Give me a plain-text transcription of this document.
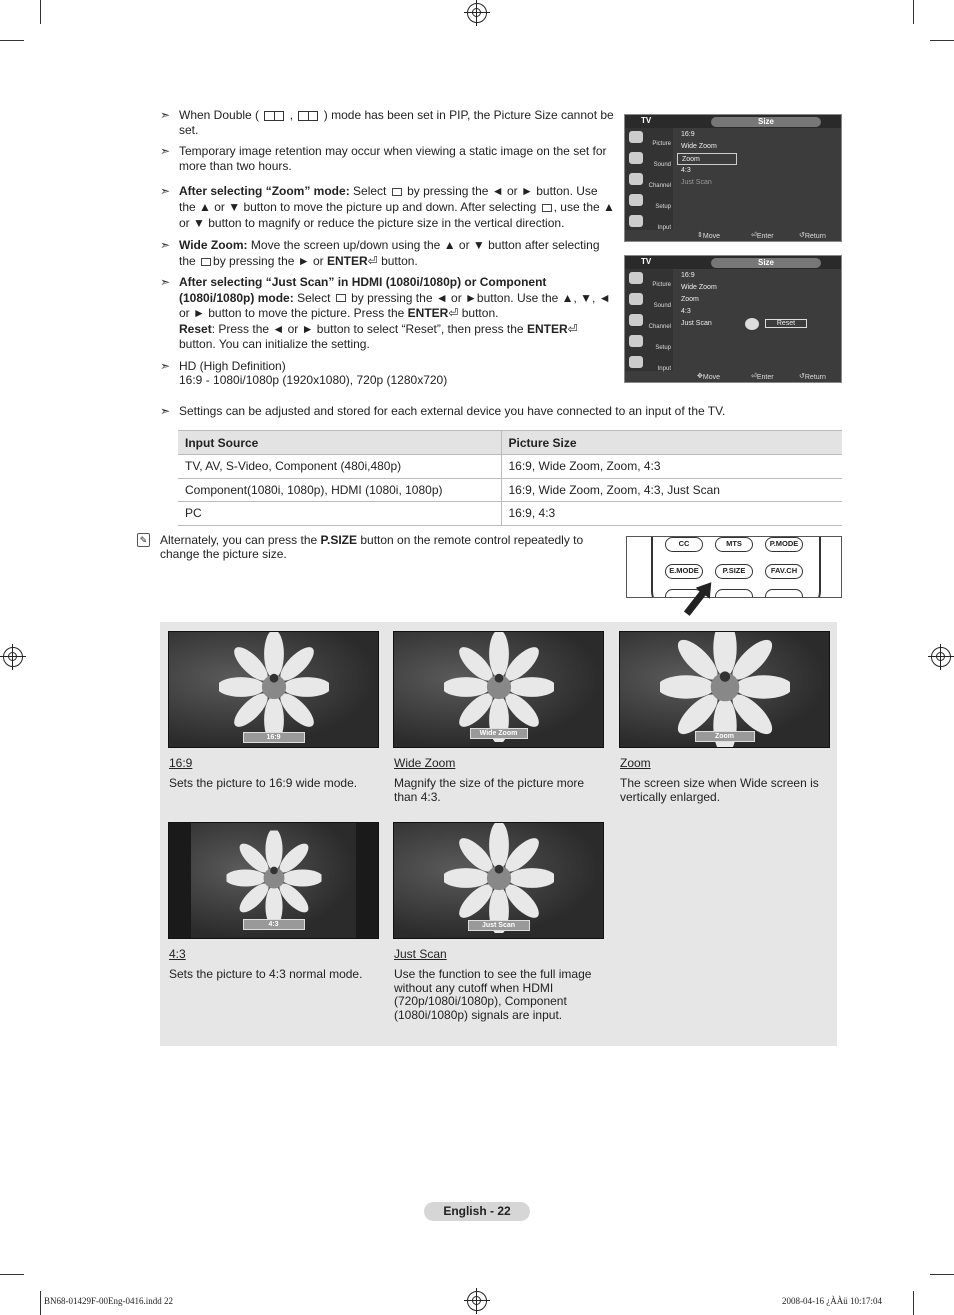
➣ When Double (	,	) mode has been set in PIP, the Picture Size cannot be set.
➣ Temporary image retention may occur when viewing a static image on the set for more than two hours.
➣ After selecting “Zoom” mode: Select by pressing the ◄ or ► button. Use the ▲ or ▼ button to move the picture up and down. After selecting , use the ▲ or ▼ button to magnify or reduce the picture size in the vertical direction.
➣ Wide Zoom: Move the screen up/down using the ▲ or ▼ button after selecting the by pressing the ► or ENTER⏎ button.
➣ After selecting “Just Scan” in HDMI (1080i/1080p) or Component (1080i/1080p) mode: Select by pressing the ◄ or ►button. Use the ▲, ▼, ◄ or ► button to move the picture. Press the ENTER⏎ button.
Reset: Press the ◄ or ► button to select “Reset”, then press the ENTER⏎ button. You can initialize the setting.
➣ HD (High Definition)
16:9 - 1080i/1080p (1920x1080), 720p (1280x720)
➣ Settings can be adjusted and stored for each external device you have connected to an input of the TV.
TV	Size
Picture
Sound
Channel
Setup
Input
16:9
Wide Zoom
Zoom
4:3
Just Scan
⇕ Move	⏎ Enter	↺ Return
TV	Size
Picture
Sound
Channel
Setup
Input
16:9
Wide Zoom
Zoom
4:3
Just Scan	Reset
✥ Move	⏎ Enter	↺ Return
Input Source	Picture Size
TV, AV, S-Video, Component (480i,480p)	16:9, Wide Zoom, Zoom, 4:3
Component(1080i, 1080p), HDMI (1080i, 1080p)	16:9, Wide Zoom, Zoom, 4:3, Just Scan
PC	16:9, 4:3
✎ Alternately, you can press the P.SIZE button on the remote control repeatedly to change the picture size.
CC	MTS	P.MODE
E.MODE	P.SIZE	FAV.CH
16:9
16:9
Sets the picture to 16:9 wide mode.
Wide Zoom
Wide Zoom
Magnify the size of the picture more than 4:3.
Zoom
Zoom
The screen size when Wide screen is vertically enlarged.
4:3
4:3
Sets the picture to 4:3 normal mode.
Just Scan
Just Scan
Use the function to see the full image without any cutoff when HDMI (720p/1080i/1080p), Component (1080i/1080p) signals are input.
English - 22
BN68-01429F-00Eng-0416.indd 22	2008-04-16 ¿ÀÀü 10:17:04
